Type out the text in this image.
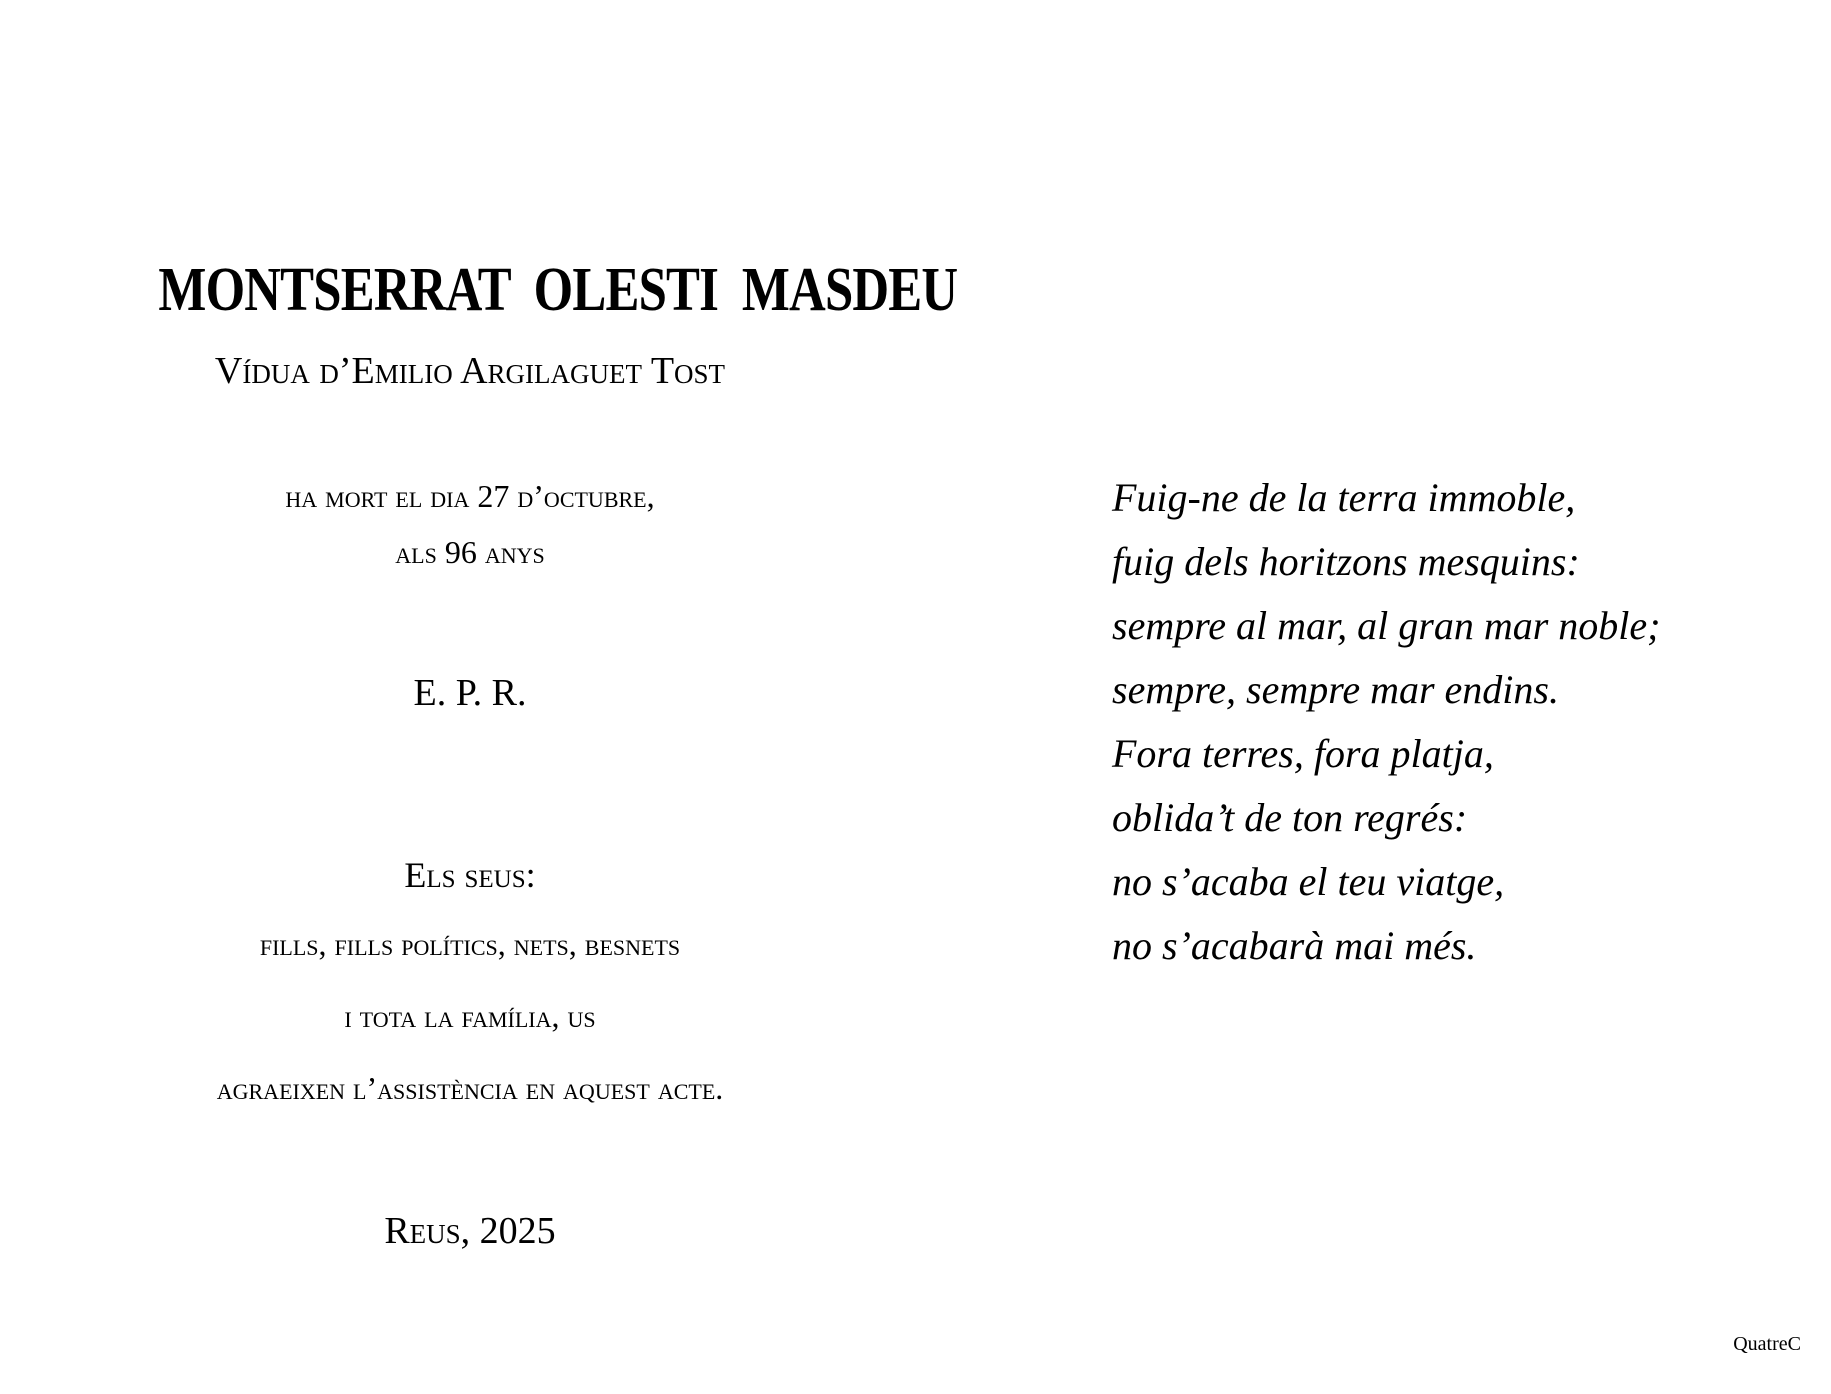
MONTSERRAT  OLESTI  MASDEU
Vídua d’Emilio Argilaguet Tost
ha mort el dia 27 d’octubre,
als 96 anys
E. P. R.
Els seus:
fills, fills polítics, nets, besnets
i tota la família, us
agraeixen l’assistència en aquest acte.
Reus, 2025
Fuig-ne de la terra immoble,
fuig dels horitzons mesquins:
sempre al mar, al gran mar noble;
sempre, sempre mar endins.
Fora terres, fora platja,
oblida’t de ton regrés:
no s’acaba el teu viatge,
no s’acabarà mai més.
QuatreC
